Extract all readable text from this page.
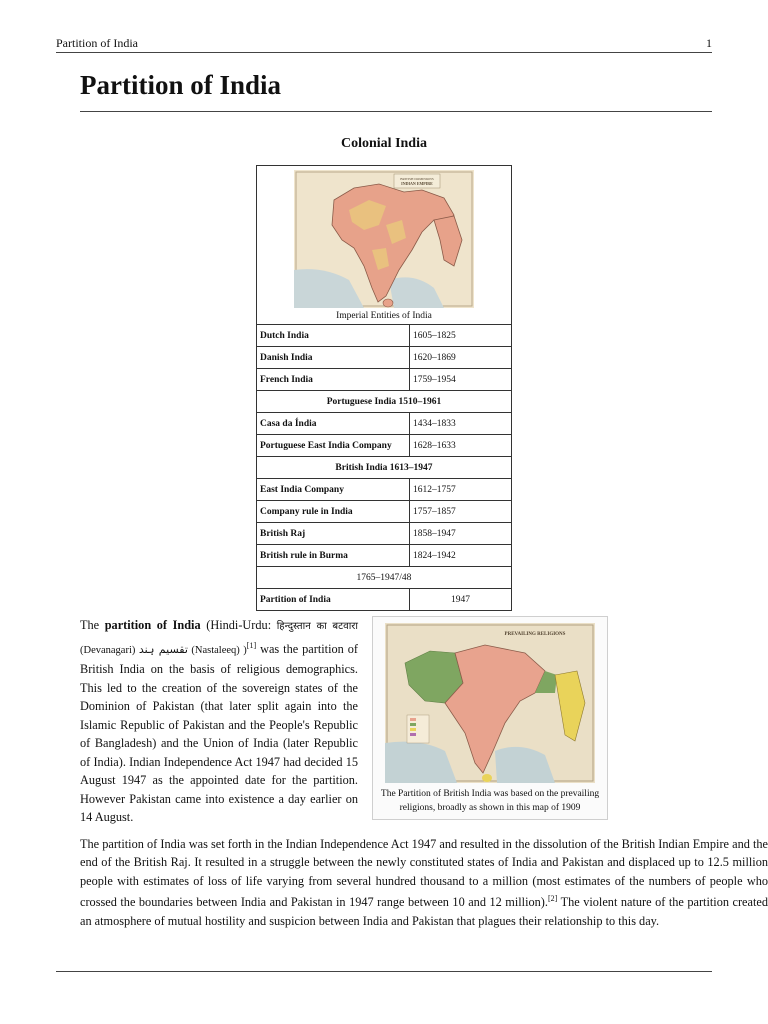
Partition of India	1
Partition of India
Colonial India
BRITISH DOMINIONS
INDIAN EMPIRE
Imperial Entities of India
Dutch India	1605–1825
Danish India	1620–1869
French India	1759–1954
Portuguese India 1510–1961	
Casa da Índia	1434–1833
Portuguese East India Company	1628–1633
British India 1613–1947	
East India Company	1612–1757
Company rule in India	1757–1857
British Raj	1858–1947
British rule in Burma	1824–1942
1765–1947/48	
Partition of India	1947
PREVAILING RELIGIONS
The Partition of British India was based on the prevailing religions, broadly as shown in this map of 1909

The partition of India (Hindi-Urdu: हिन्दुस्तान का बटवारा (Devanagari) تقسیم ہند (Nastaleeq) )[1] was the partition of British India on the basis of religious demographics. This led to the creation of the sovereign states of the Dominion of Pakistan (that later split again into the Islamic Republic of Pakistan and the People's Republic of Bangladesh) and the Union of India (later Republic of India). Indian Independence Act 1947 had decided 15 August 1947 as the appointed date for the partition. However Pakistan came into existence a day earlier on 14 August.

The partition of India was set forth in the Indian Independence Act 1947 and resulted in the dissolution of the British Indian Empire and the end of the British Raj. It resulted in a struggle between the newly constituted states of India and Pakistan and displaced up to 12.5 million people with estimates of loss of life varying from several hundred thousand to a million (most estimates of the numbers of people who crossed the boundaries between India and Pakistan in 1947 range between 10 and 12 million).[2] The violent nature of the partition created an atmosphere of mutual hostility and suspicion between India and Pakistan that plagues their relationship to this day.
